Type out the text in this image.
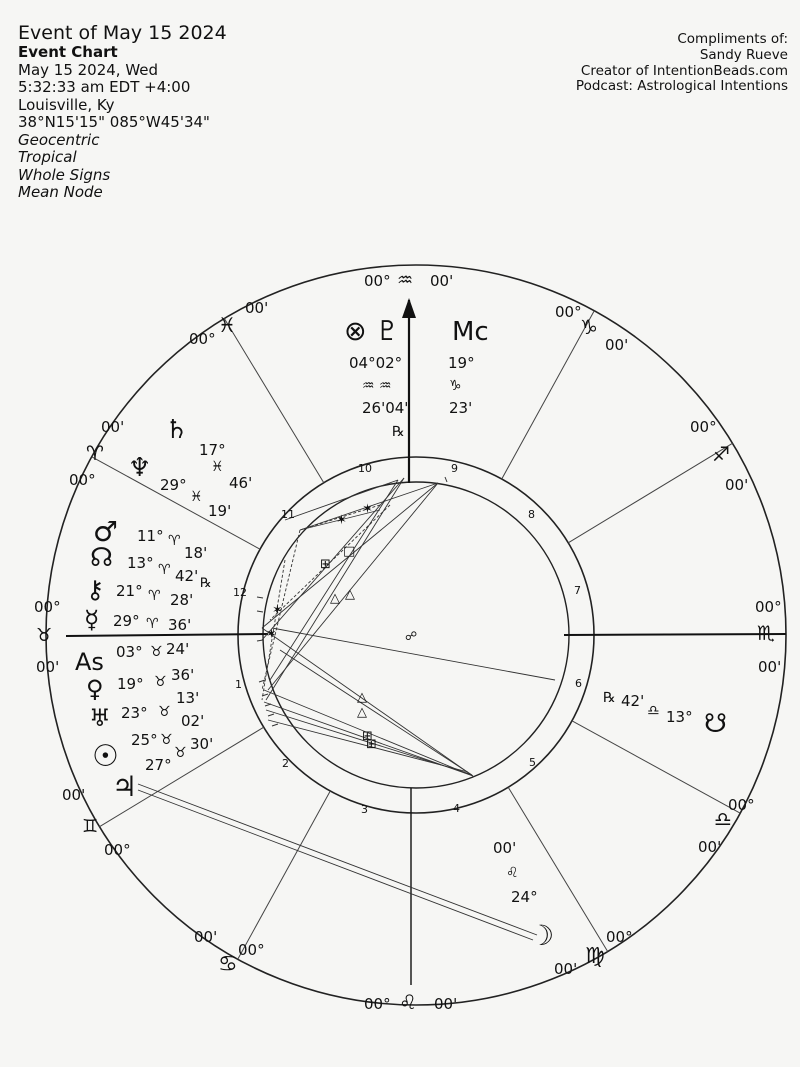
Event of May 15 2024
Event Chart
May 15 2024, Wed
5:32:33 am EDT +4:00
Louisville, Ky
38°N15'15" 085°W45'34"
Geocentric
Tropical
Whole Signs
Mean Node
Compliments of:
Sandy Rueve
Creator of IntentionBeads.com
Podcast: Astrological Intentions
✶
✶
✶
✶
⊞
□
△ △
△
△
⊞
⊞
☍
00° ♒ 00'
00°
♑
00'
00°
♐
00'
00°
♏
00'
00°
♎
00'
00°
♍
00'
00° ♌ 00'
00°
♋
00'
00°
♊
00'
00°
♉
00'
00°
♈
00'
00°
♓
00'
10	9
8
7
6
5
4
3
2
1
12
11
⊗ ♇
04°02°
♒ ♒
26'04'
℞
Mc
19°
♑
23'
♄
17°
♓
46'
♆
29°
♓
19'
♂ 11° ♈
18'
☊ 13° ♈ 42' ℞
⚷ 21° ♈ 28'
☿ 29° ♈ 36'
As 03° ♉ 24'
♀ 19° ♉ 36'
♅ 23° ♉
13'
☉ 25° ♉
02'
♃
27°
♉ 30'
℞ 42'
♎ 13° ☋
00'
♌
24°
☽
